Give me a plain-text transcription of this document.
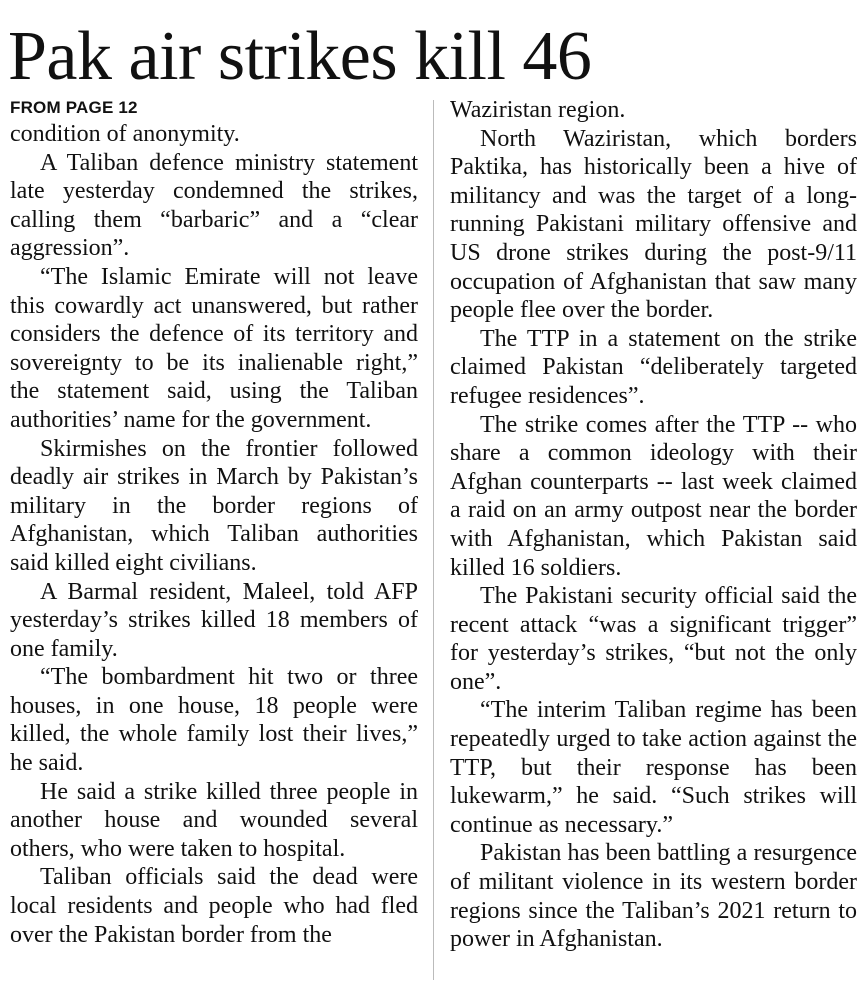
Pak air strikes kill 46
FROM PAGE 12

condition of anonymity.

A Taliban defence ministry statement late yesterday condemned the strikes, calling them “barbaric” and a “clear aggression”.

“The Islamic Emirate will not leave this cowardly act unanswered, but rather considers the defence of its territory and sovereignty to be its inalienable right,” the statement said, using the Taliban authorities’ name for the government.

Skirmishes on the frontier followed deadly air strikes in March by Pakistan’s military in the border regions of Afghanistan, which Taliban authorities said killed eight civilians.

A Barmal resident, Maleel, told AFP yesterday’s strikes killed 18 members of one family.

“The bombardment hit two or three houses, in one house, 18 people were killed, the whole family lost their lives,” he said.

He said a strike killed three people in another house and wounded several others, who were taken to hospital.

Taliban officials said the dead were local residents and people who had fled over the Pakistan border from the

Waziristan region.

North Waziristan, which borders Paktika, has historically been a hive of militancy and was the target of a long-running Pakistani military offensive and US drone strikes during the post-9/11 occupation of Afghanistan that saw many people flee over the border.

The TTP in a statement on the strike claimed Pakistan “deliberately targeted refugee residences”.

The strike comes after the TTP -- who share a common ideology with their Afghan counterparts -- last week claimed a raid on an army outpost near the border with Afghanistan, which Pakistan said killed 16 soldiers.

The Pakistani security official said the recent attack “was a significant trigger” for yesterday’s strikes, “but not the only one”.

“The interim Taliban regime has been repeatedly urged to take action against the TTP, but their response has been lukewarm,” he said. “Such strikes will continue as necessary.”

Pakistan has been battling a resurgence of militant violence in its western border regions since the Taliban’s 2021 return to power in Afghanistan.
